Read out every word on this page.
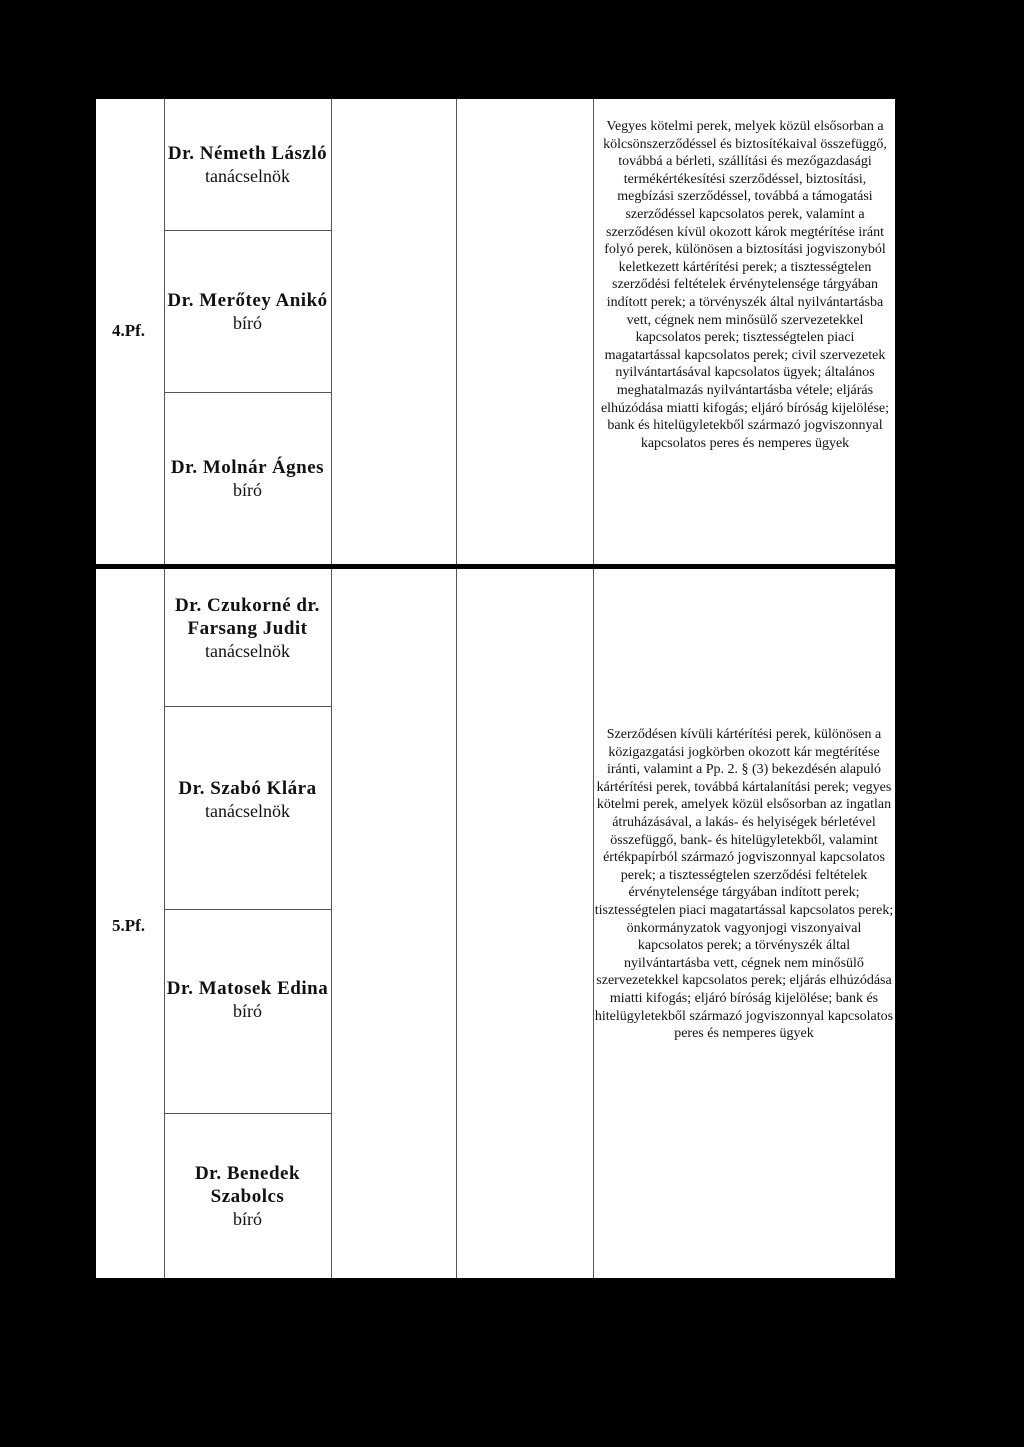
4.Pf.
Dr. Németh László
tanácselnök
Dr. Merőtey Anikó
bíró
Dr. Molnár Ágnes
bíró
Vegyes kötelmi perek, melyek közül elsősorban a kölcsönszerződéssel és biztosítékaival összefüggő, továbbá a bérleti, szállítási és mezőgazdasági termékértékesítési szerződéssel, biztosítási, megbízási szerződéssel, továbbá a támogatási szerződéssel kapcsolatos perek, valamint a szerződésen kívül okozott károk megtérítése iránt folyó perek, különösen a biztosítási jogviszonyból keletkezett kártérítési perek; a tisztességtelen szerződési feltételek érvénytelensége tárgyában indított perek; a törvényszék által nyilvántartásba vett, cégnek nem minősülő szervezetekkel kapcsolatos perek; tisztességtelen piaci magatartással kapcsolatos perek; civil szervezetek nyilvántartásával kapcsolatos ügyek; általános meghatalmazás nyilvántartásba vétele; eljárás elhúzódása miatti kifogás; eljáró bíróság kijelölése; bank és hitelügyletekből származó jogviszonnyal kapcsolatos peres és nemperes ügyek
5.Pf.
Dr. Czukorné dr. Farsang Judit
tanácselnök
Dr. Szabó Klára
tanácselnök
Dr. Matosek Edina
bíró
Dr. Benedek Szabolcs
bíró
Szerződésen kívüli kártérítési perek, különösen a közigazgatási jogkörben okozott kár megtérítése iránti, valamint a Pp. 2. § (3) bekezdésén alapuló kártérítési perek, továbbá kártalanítási perek; vegyes kötelmi perek, amelyek közül elsősorban az ingatlan átruházásával, a lakás- és helyiségek bérletével összefüggő, bank- és hitelügyletekből, valamint értékpapírból származó jogviszonnyal kapcsolatos perek; a tisztességtelen szerződési feltételek érvénytelensége tárgyában indított perek; tisztességtelen piaci magatartással kapcsolatos perek; önkormányzatok vagyonjogi viszonyaival kapcsolatos perek; a törvényszék által nyilvántartásba vett, cégnek nem minősülő szervezetekkel kapcsolatos perek; eljárás elhúzódása miatti kifogás; eljáró bíróság kijelölése; bank és hitelügyletekből származó jogviszonnyal kapcsolatos peres és nemperes ügyek
